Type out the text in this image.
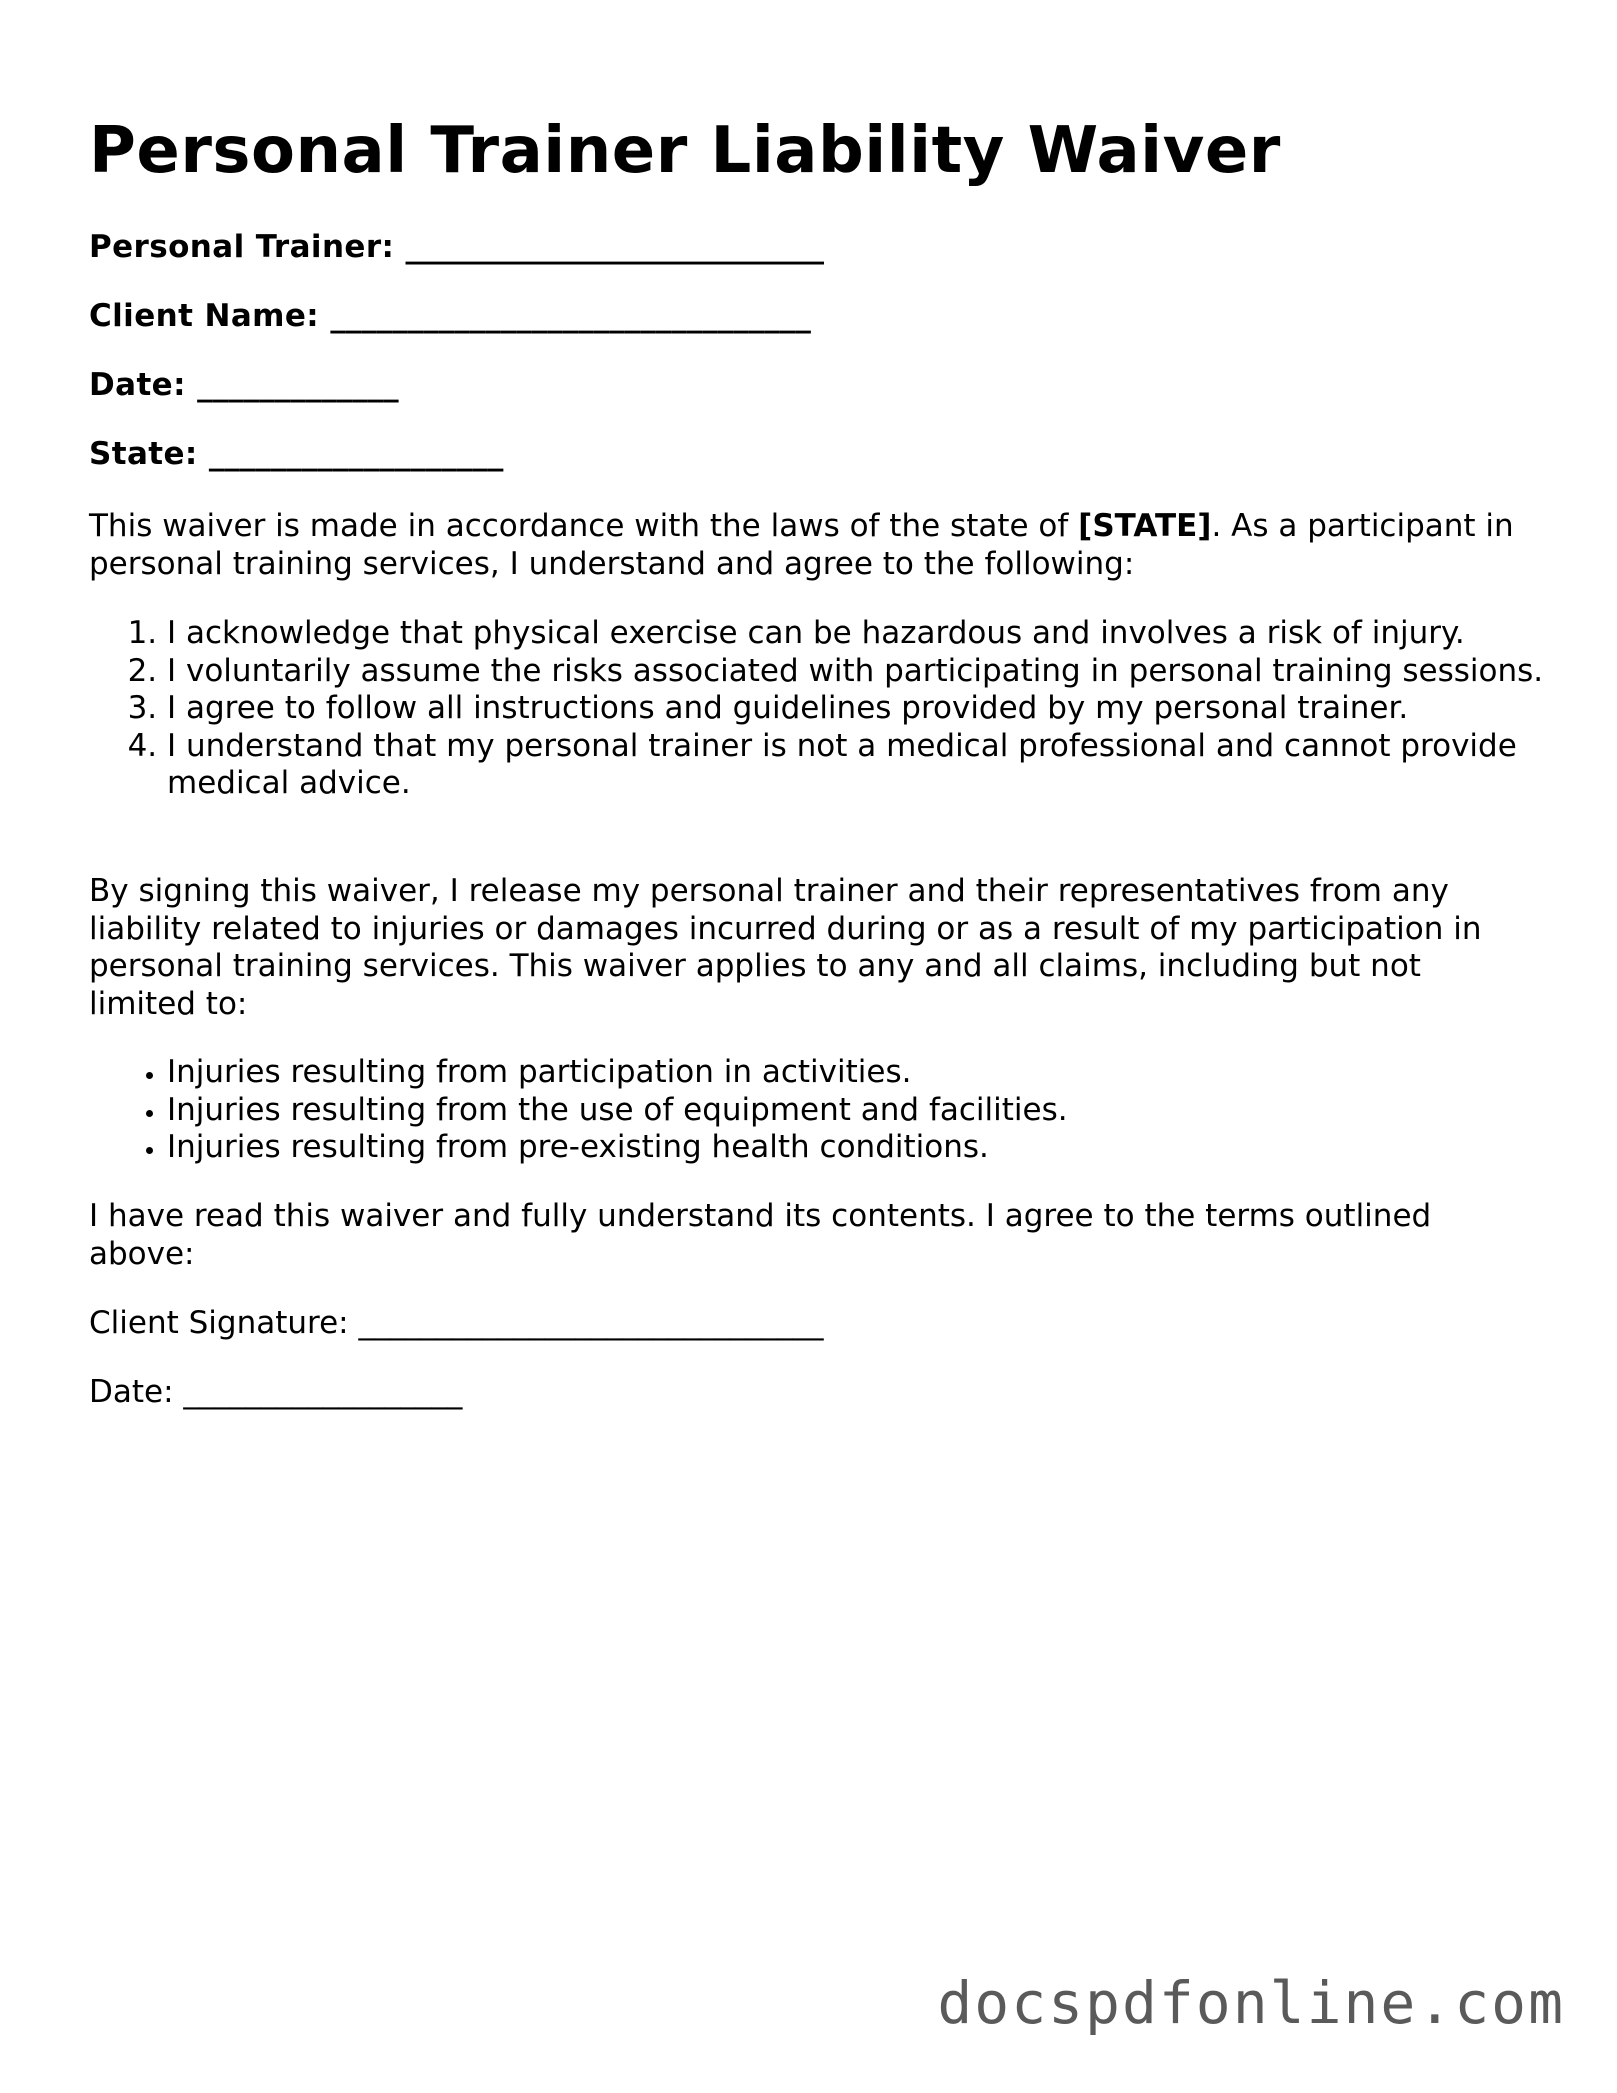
Personal Trainer Liability Waiver
Personal Trainer: ___________________________
Client Name: _______________________________
Date: _____________
State: ___________________

This waiver is made in accordance with the laws of the state of [STATE]. As a participant in personal training services, I understand and agree to the following:

1. I acknowledge that physical exercise can be hazardous and involves a risk of injury.
2. I voluntarily assume the risks associated with participating in personal training sessions.
3. I agree to follow all instructions and guidelines provided by my personal trainer.
4. I understand that my personal trainer is not a medical professional and cannot provide medical advice.

By signing this waiver, I release my personal trainer and their representatives from any liability related to injuries or damages incurred during or as a result of my participation in personal training services. This waiver applies to any and all claims, including but not limited to:

• Injuries resulting from participation in activities.
• Injuries resulting from the use of equipment and facilities.
• Injuries resulting from pre-existing health conditions.

I have read this waiver and fully understand its contents. I agree to the terms outlined above:

Client Signature: ______________________________
Date: __________________
docspdfonline.com
